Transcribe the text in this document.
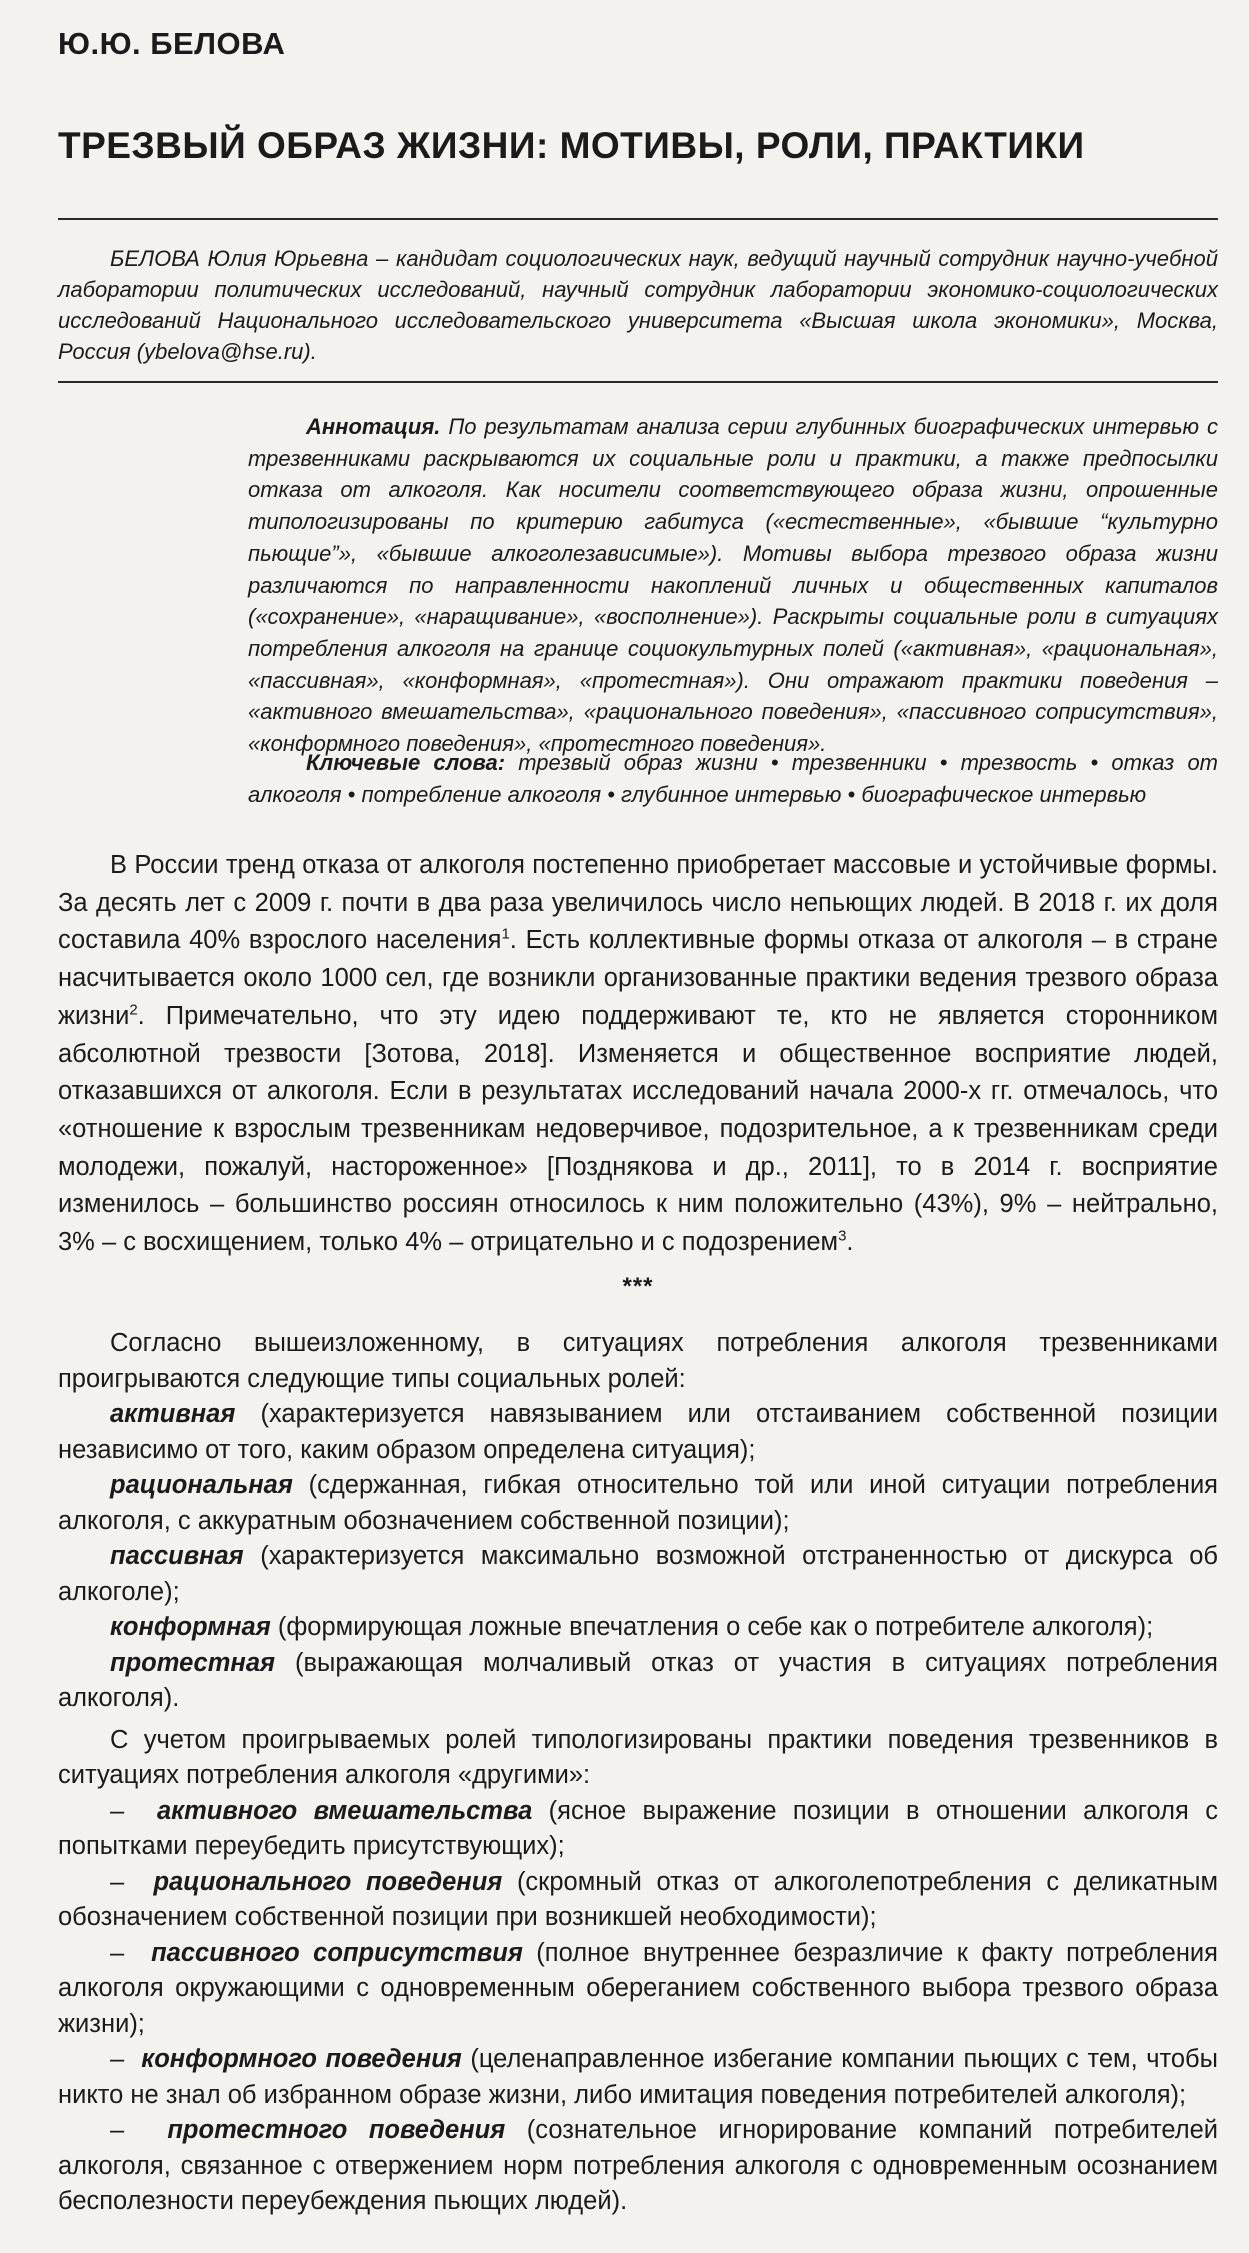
Ю.Ю. БЕЛОВА
ТРЕЗВЫЙ ОБРАЗ ЖИЗНИ: МОТИВЫ, РОЛИ, ПРАКТИКИ
БЕЛОВА Юлия Юрьевна – кандидат социологических наук, ведущий научный сотрудник научно-учебной лаборатории политических исследований, научный сотрудник лаборатории экономико-социологических исследований Национального исследовательского университета «Высшая школа экономики», Москва, Россия (ybelova@hse.ru).
Аннотация. По результатам анализа серии глубинных биографических интервью с трезвенниками раскрываются их социальные роли и практики, а также предпосылки отказа от алкоголя. Как носители соответствующего образа жизни, опрошенные типологизированы по критерию габитуса («естественные», «бывшие “культурно пьющие”», «бывшие алкоголезависимые»). Мотивы выбора трезвого образа жизни различаются по направленности накоплений личных и общественных капиталов («сохранение», «наращивание», «восполнение»). Раскрыты социальные роли в ситуациях потребления алкоголя на границе социокультурных полей («активная», «рациональная», «пассивная», «конформная», «протестная»). Они отражают практики поведения – «активного вмешательства», «рационального поведения», «пассивного соприсутствия», «конформного поведения», «протестного поведения».
Ключевые слова: трезвый образ жизни • трезвенники • трезвость • отказ от алкоголя • потребление алкоголя • глубинное интервью • биографическое интервью
В России тренд отказа от алкоголя постепенно приобретает массовые и устойчивые формы. За десять лет с 2009 г. почти в два раза увеличилось число непьющих людей. В 2018 г. их доля составила 40% взрослого населения$^1$. Есть коллективные формы отказа от алкоголя – в стране насчитывается около 1000 сел, где возникли организованные практики ведения трезвого образа жизни$^2$. Примечательно, что эту идею поддерживают те, кто не является сторонником абсолютной трезвости [Зотова, 2018]. Изменяется и общественное восприятие людей, отказавшихся от алкоголя. Если в результатах исследований начала 2000-х гг. отмечалось, что «отношение к взрослым трезвенникам недоверчивое, подозрительное, а к трезвенникам среди молодежи, пожалуй, настороженное» [Позднякова и др., 2011], то в 2014 г. восприятие изменилось – большинство россиян относилось к ним положительно (43%), 9% – нейтрально, 3% – с восхищением, только 4% – отрицательно и с подозрением$^3$.
***

Согласно вышеизложенному, в ситуациях потребления алкоголя трезвенниками проигрываются следующие типы социальных ролей:

активная (характеризуется навязыванием или отстаиванием собственной позиции независимо от того, каким образом определена ситуация);

рациональная (сдержанная, гибкая относительно той или иной ситуации потребления алкоголя, с аккуратным обозначением собственной позиции);

пассивная (характеризуется максимально возможной отстраненностью от дискурса об алкоголе);

конформная (формирующая ложные впечатления о себе как о потребителе алкоголя);

протестная (выражающая молчаливый отказ от участия в ситуациях потребления алкоголя).

С учетом проигрываемых ролей типологизированы практики поведения трезвенников в ситуациях потребления алкоголя «другими»:

– активного вмешательства (ясное выражение позиции в отношении алкоголя с попытками переубедить присутствующих);

– рационального поведения (скромный отказ от алкоголепотребления с деликатным обозначением собственной позиции при возникшей необходимости);

– пассивного соприсутствия (полное внутреннее безразличие к факту потребления алкоголя окружающими с одновременным обереганием собственного выбора трезвого образа жизни);

– конформного поведения (целенаправленное избегание компании пьющих с тем, чтобы никто не знал об избранном образе жизни, либо имитация поведения потребителей алкоголя);

– протестного поведения (сознательное игнорирование компаний потребителей алкоголя, связанное с отвержением норм потребления алкоголя с одновременным осознанием бесполезности переубеждения пьющих людей).
